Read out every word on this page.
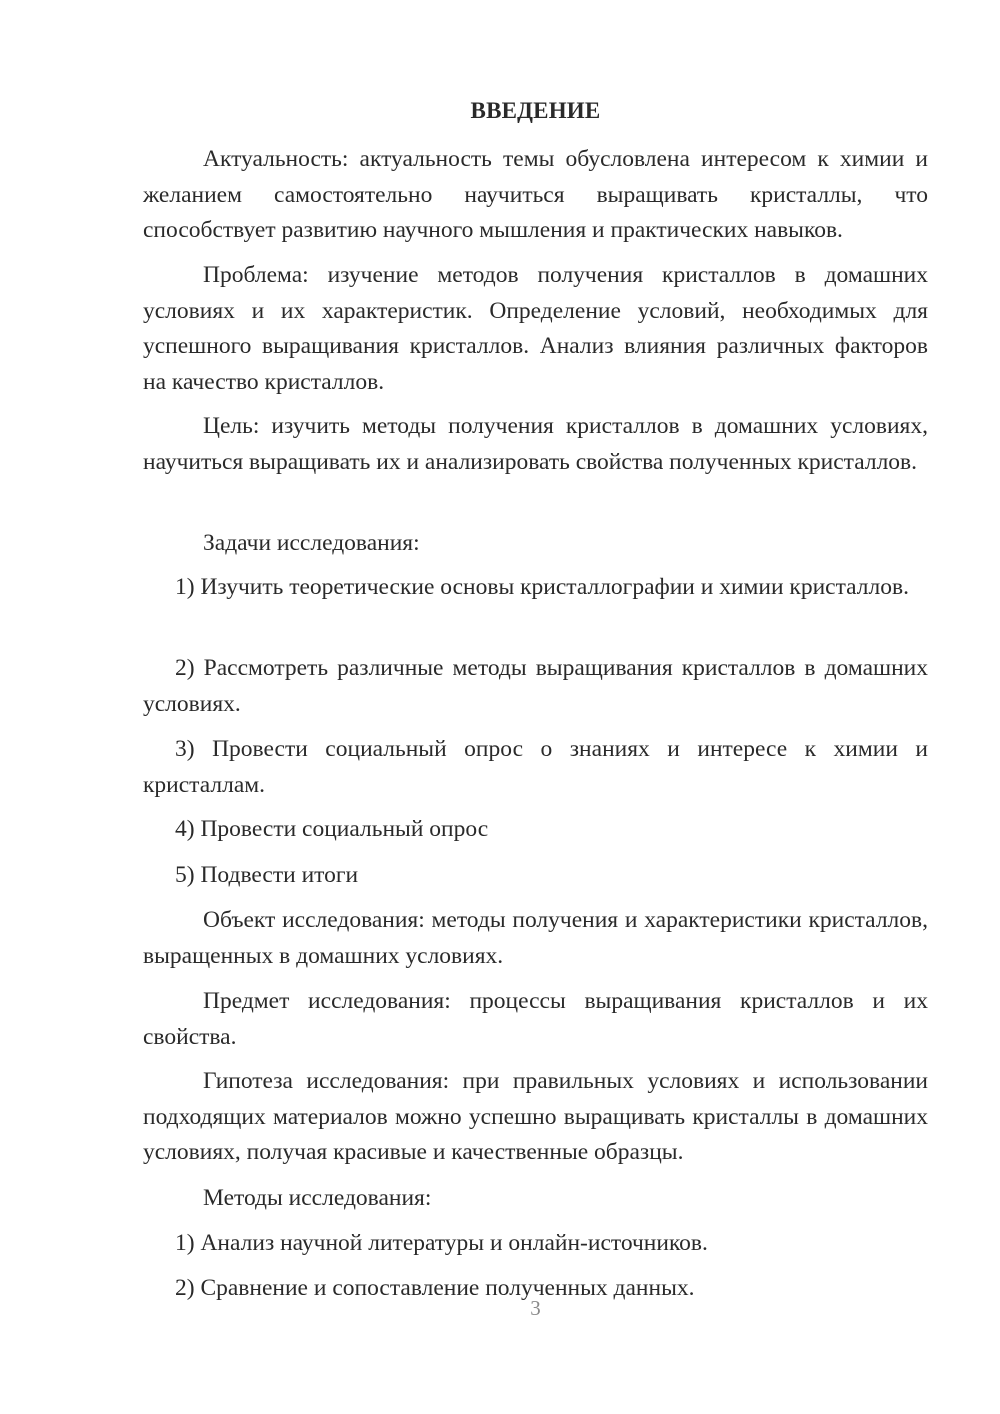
ВВЕДЕНИЕ

Актуальность: актуальность темы обусловлена интересом к химии и желанием самостоятельно научиться выращивать кристаллы, что способствует развитию научного мышления и практических навыков.

Проблема: изучение методов получения кристаллов в домашних условиях и их характеристик. Определение условий, необходимых для успешного выращивания кристаллов. Анализ влияния различных факторов на качество кристаллов.

Цель: изучить методы получения кристаллов в домашних условиях, научиться выращивать их и анализировать свойства полученных кристаллов.

Задачи исследования:

1) Изучить теоретические основы кристаллографии и химии кристаллов.

2) Рассмотреть различные методы выращивания кристаллов в домашних условиях.

3) Провести социальный опрос о знаниях и интересе к химии и кристаллам.

4) Провести социальный опрос

5) Подвести итоги

Объект исследования: методы получения и характеристики кристаллов, выращенных в домашних условиях.

Предмет исследования: процессы выращивания кристаллов и их свойства.

Гипотеза исследования: при правильных условиях и использовании подходящих материалов можно успешно выращивать кристаллы в домашних условиях, получая красивые и качественные образцы.

Методы исследования:

1) Анализ научной литературы и онлайн-источников.

2) Сравнение и сопоставление полученных данных.

3
